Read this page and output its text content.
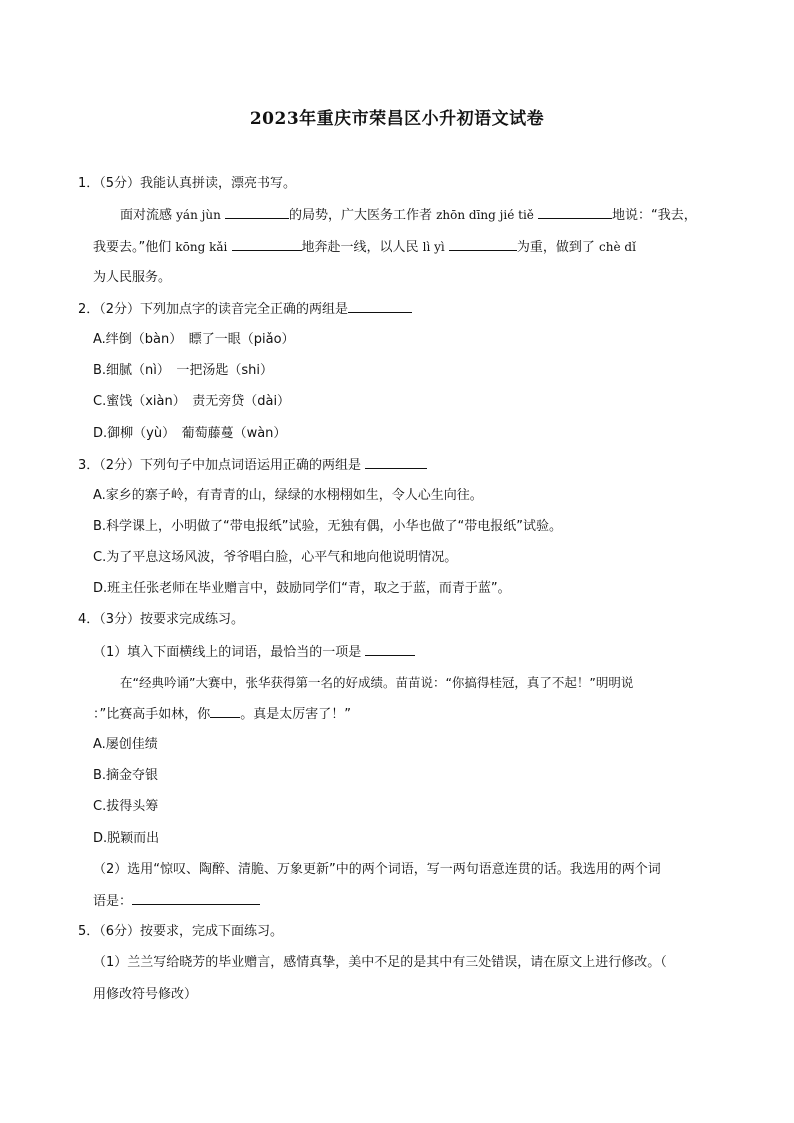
2023年重庆市荣昌区小升初语文试卷
1．（5分）我能认真拼读，漂亮书写。
面对流感 yán jùn	的局势，广大医务工作者 zhōn dīng jié tiě	地说：“我去，
我要去。”他们 kōng kǎi	地奔赴一线，以人民 lì yì	为重，做到了 chè dǐ
为人民服务。
2．（2分）下列加点字的读音完全正确的两组是
A.绊倒（bàn）　瞟了一眼（piǎo）
B.细腻（nì）　一把汤匙（shi）
C.蜜饯（xiàn）　责无旁贷（dài）
D.御柳（yù）　葡萄藤蔓（wàn）
3．（2分）下列句子中加点词语运用正确的两组是
A.家乡的寨子岭，有青青的山，绿绿的水栩栩如生，令人心生向往。
B.科学课上，小明做了“带电报纸”试验，无独有偶，小华也做了“带电报纸”试验。
C.为了平息这场风波，爷爷唱白脸，心平气和地向他说明情况。
D.班主任张老师在毕业赠言中，鼓励同学们“青，取之于蓝，而青于蓝”。
4．（3分）按要求完成练习。
（1）填入下面横线上的词语，最恰当的一项是
在“经典吟诵”大赛中，张华获得第一名的好成绩。苗苗说：“你搞得桂冠，真了不起！”明明说
：”比赛高手如林，你 。真是太厉害了！”
A.屡创佳绩
B.摘金夺银
C.拔得头筹
D.脱颖而出
（2）选用“惊叹、陶醉、清脆、万象更新”中的两个词语，写一两句语意连贯的话。我选用的两个词
语是：
5．（6分）按要求，完成下面练习。
（1）兰兰写给晓芳的毕业赠言，感情真挚，美中不足的是其中有三处错误，请在原文上进行修改。（
用修改符号修改）
